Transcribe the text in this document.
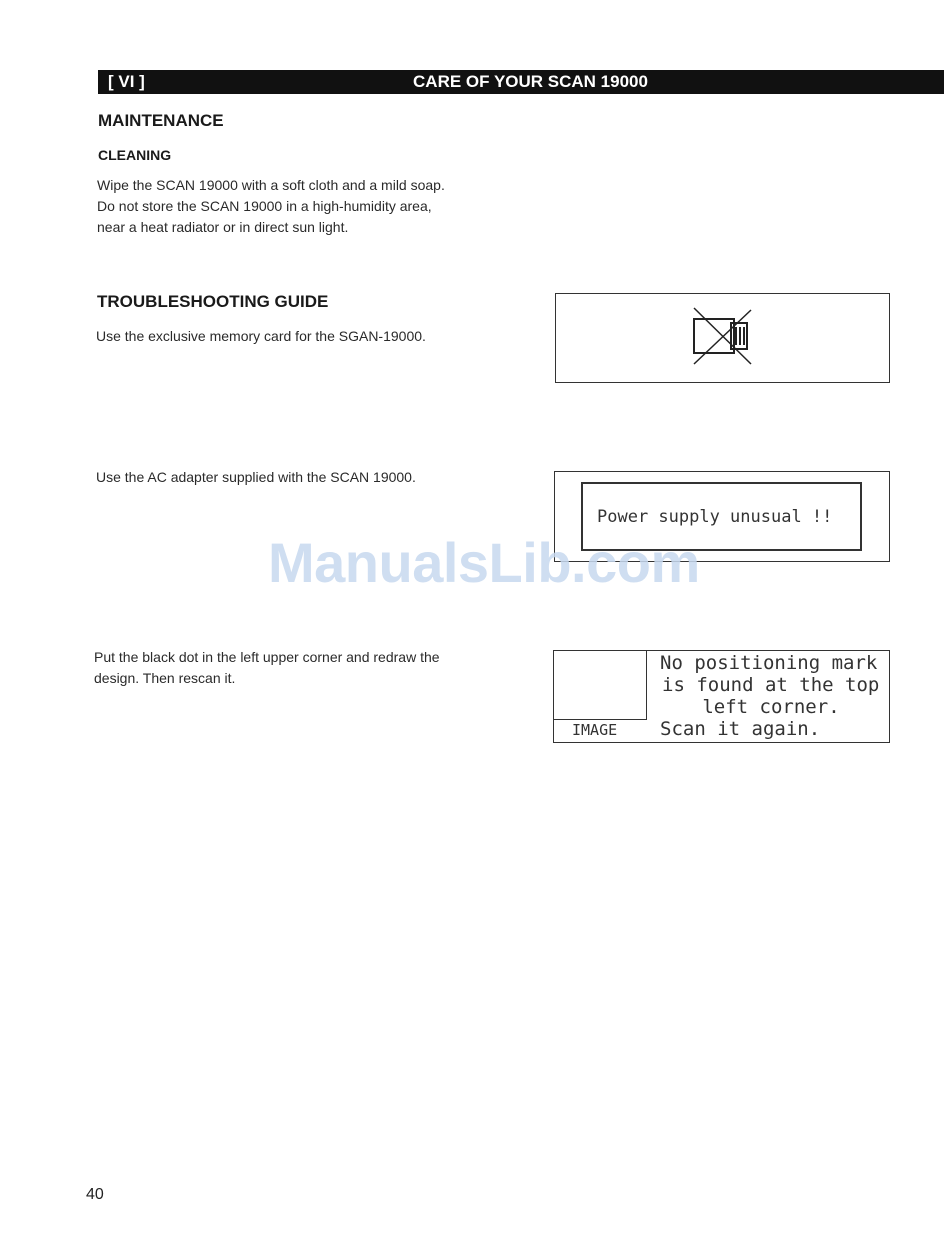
[ VI ]	CARE OF YOUR SCAN 19000
MAINTENANCE
CLEANING
Wipe the SCAN 19000 with a soft cloth and a mild soap.
Do not store the SCAN 19000 in a high-humidity area,
near a heat radiator or in direct sun light.
TROUBLESHOOTING GUIDE
Use the exclusive memory card for the SGAN-19000.
Use the AC adapter supplied with the SCAN 19000.
Power supply unusual !!
ManualsLib.com
Put the black dot in the left upper corner and redraw the
design. Then rescan it.
IMAGE
No positioning mark
is found at the top
left corner.
Scan it again.
40
